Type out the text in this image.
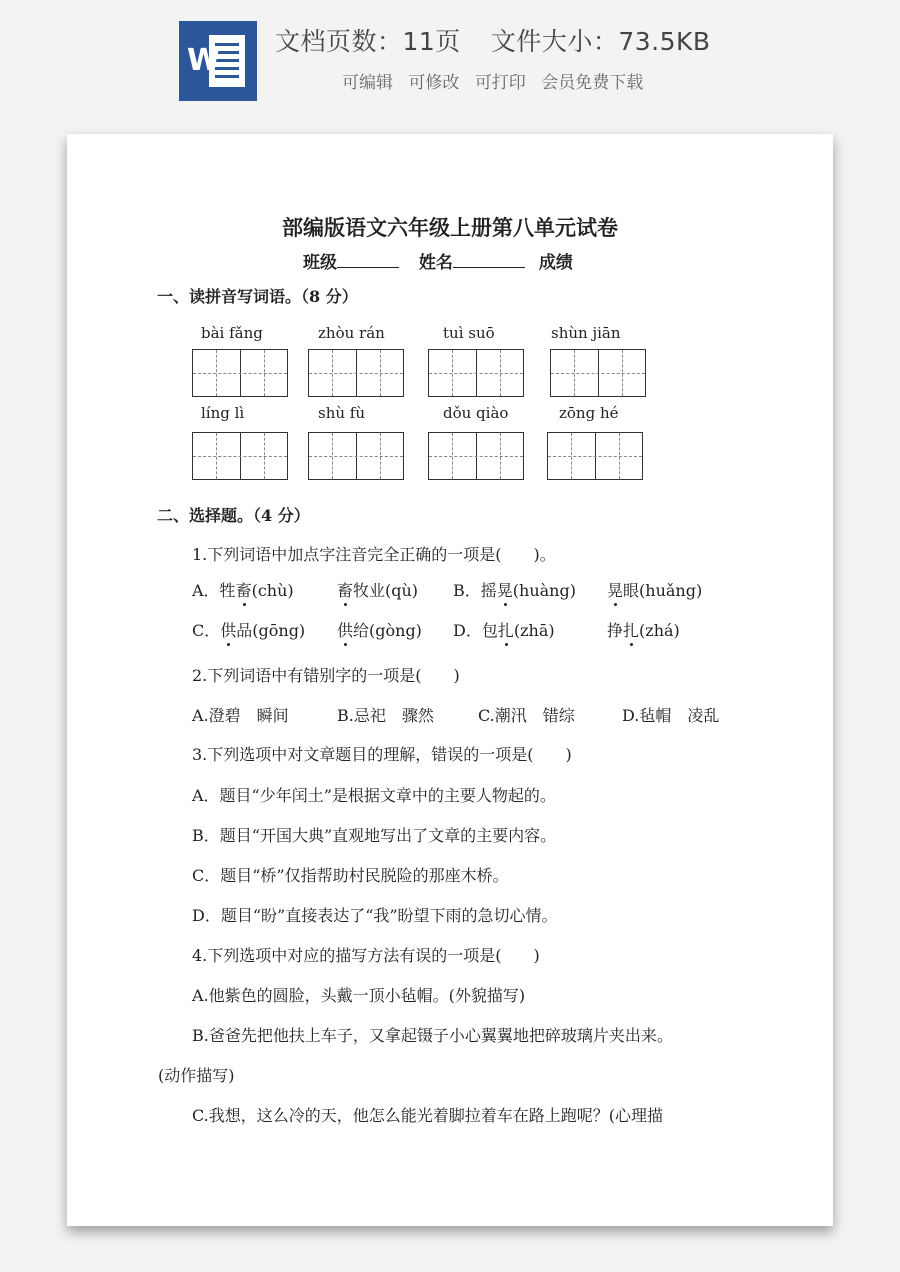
W
文档页数：11页 文件大小：73.5KB
可编辑 可修改 可打印 会员免费下载
部编版语文六年级上册第八单元试卷
班级	姓名	成绩
一、读拼音写词语。（8 分）
bài fǎng	zhòu rán	tuì suō	shùn jiān
líng lì	shù fù	dǒu qiào	zōng hé
二、选择题。（4 分）
1.下列词语中加点字注音完全正确的一项是(　　)。
A．牲畜(chù)	畜牧业(qù) B．摇晃(huàng) 晃眼(huǎng)
C．供品(gōng) 供给(gòng) D．包扎(zhā)	挣扎(zhá)
2.下列词语中有错别字的一项是(　　)
A.澄碧　瞬间	B.忌祀　骤然	C.潮汛　错综	D.毡帽　凌乱
3.下列选项中对文章题目的理解，错误的一项是(　　)
A．题目“少年闰土”是根据文章中的主要人物起的。
B．题目“开国大典”直观地写出了文章的主要内容。
C．题目“桥”仅指帮助村民脱险的那座木桥。
D．题目“盼”直接表达了“我”盼望下雨的急切心情。
4.下列选项中对应的描写方法有误的一项是(　　)
A.他紫色的圆脸，头戴一顶小毡帽。(外貌描写)
B.爸爸先把他扶上车子，又拿起镊子小心翼翼地把碎玻璃片夹出来。
(动作描写)
C.我想，这么冷的天，他怎么能光着脚拉着车在路上跑呢？(心理描
